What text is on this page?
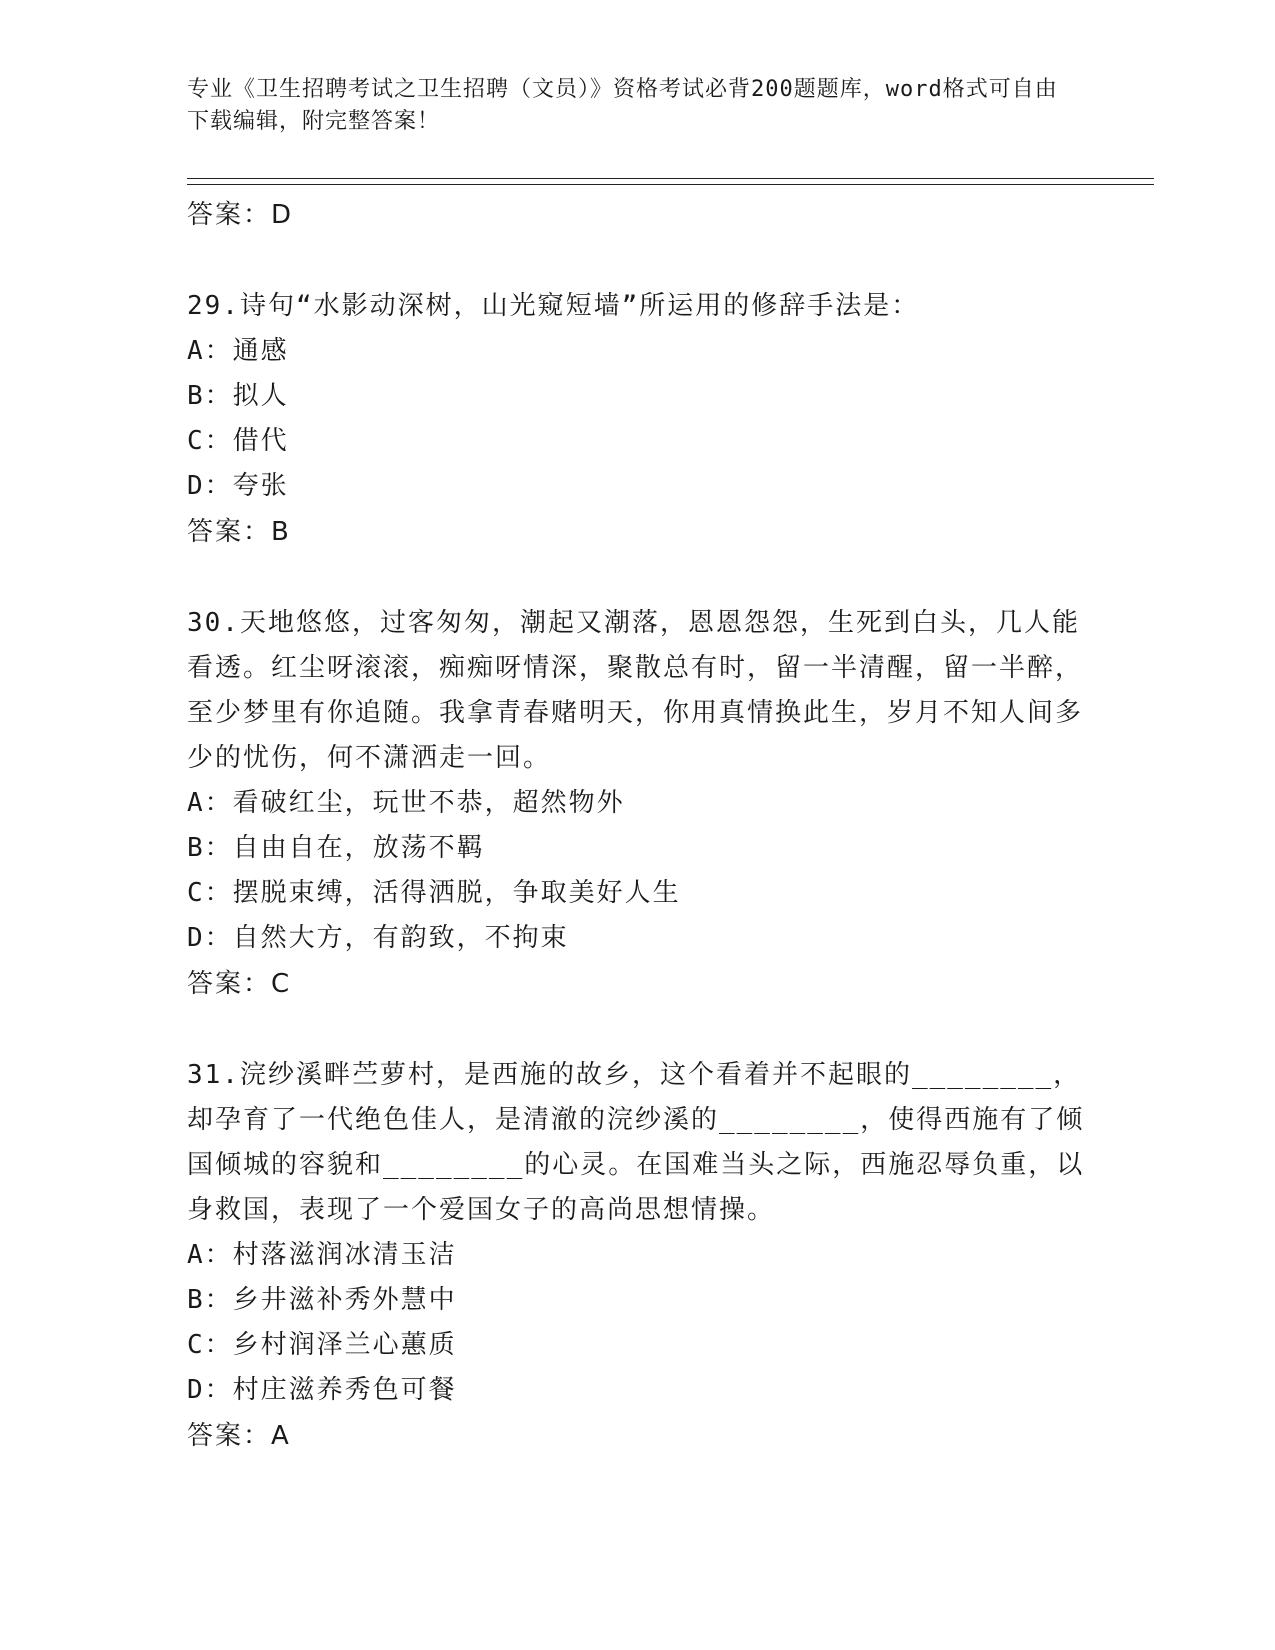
专业《卫生招聘考试之卫生招聘（文员）》资格考试必背200题题库，word格式可自由下载编辑，附完整答案！
答案：D
29.诗句“水影动深树，山光窥短墙”所运用的修辞手法是：
A：通感
B：拟人
C：借代
D：夸张
答案：B
30.天地悠悠，过客匆匆，潮起又潮落，恩恩怨怨，生死到白头，几人能看透。红尘呀滚滚，痴痴呀情深，聚散总有时，留一半清醒，留一半醉，至少梦里有你追随。我拿青春赌明天，你用真情换此生，岁月不知人间多少的忧伤，何不潇洒走一回。
A：看破红尘，玩世不恭，超然物外
B：自由自在，放荡不羁
C：摆脱束缚，活得洒脱，争取美好人生
D：自然大方，有韵致，不拘束
答案：C
31.浣纱溪畔苎萝村，是西施的故乡，这个看着并不起眼的________，却孕育了一代绝色佳人，是清澈的浣纱溪的________，使得西施有了倾国倾城的容貌和________的心灵。在国难当头之际，西施忍辱负重，以身救国，表现了一个爱国女子的高尚思想情操。
A：村落滋润冰清玉洁
B：乡井滋补秀外慧中
C：乡村润泽兰心蕙质
D：村庄滋养秀色可餐
答案：A
